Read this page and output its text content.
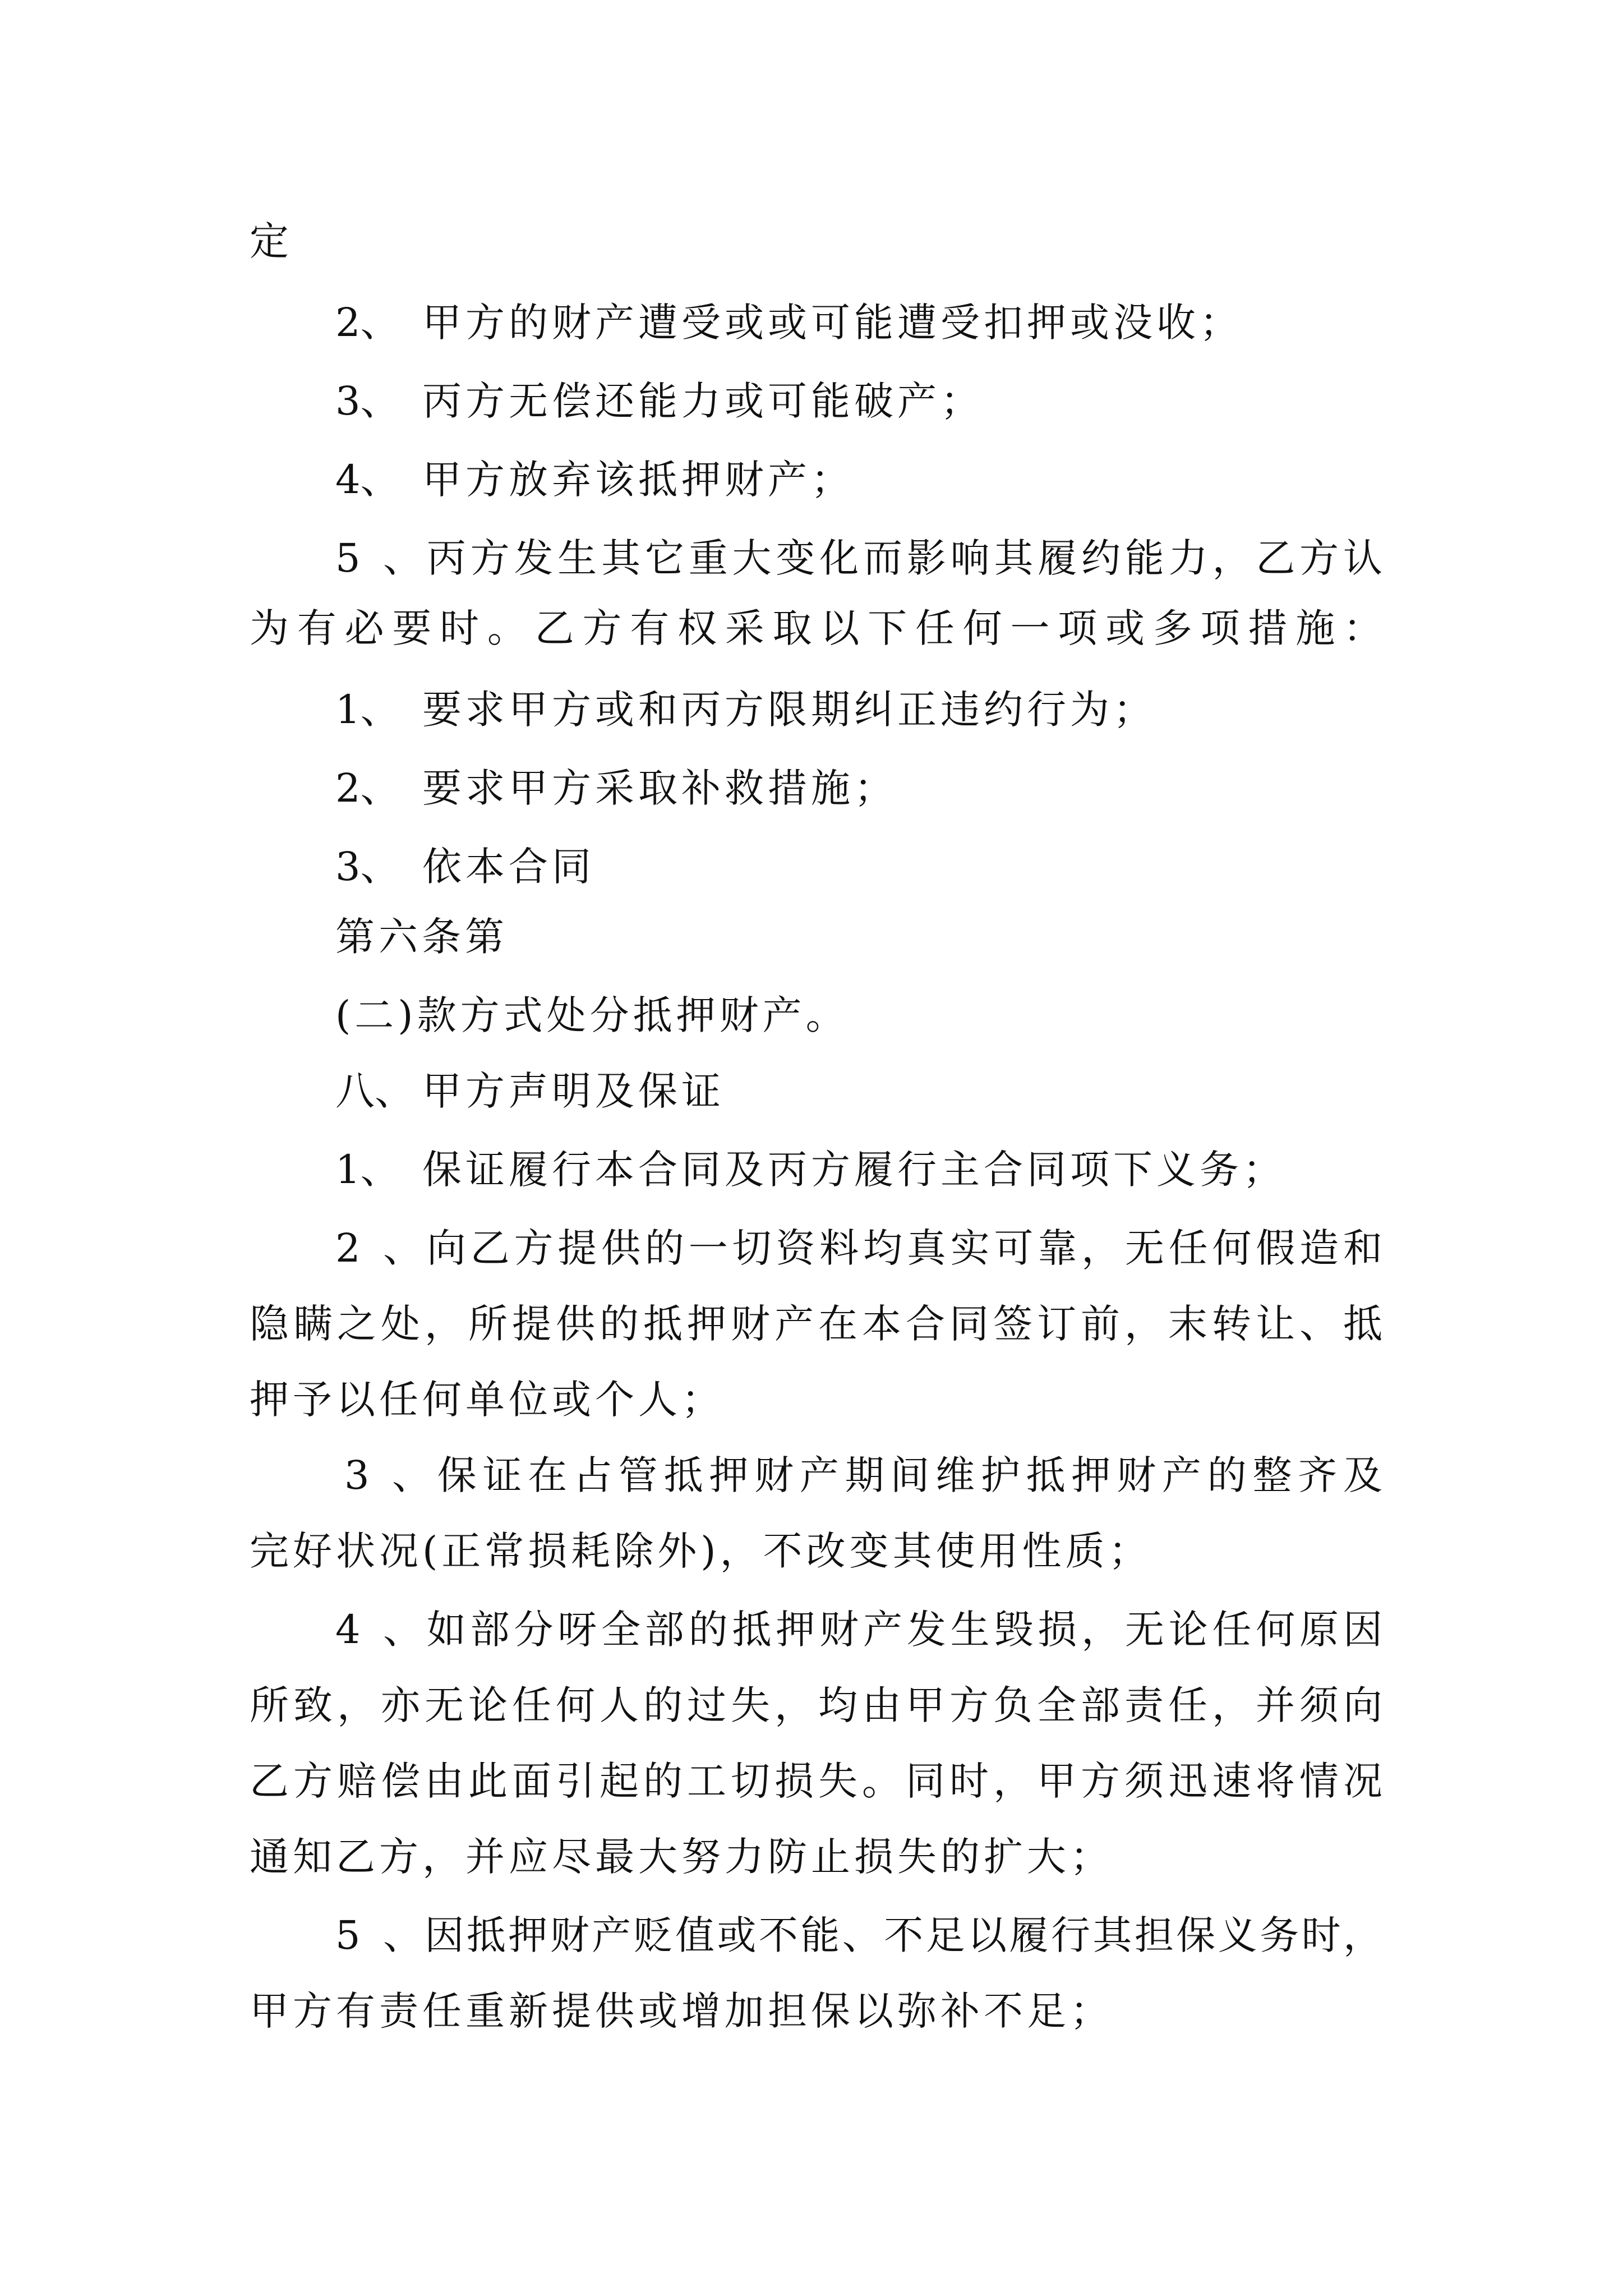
定
2、 甲方的财产遭受或或可能遭受扣押或没收；
3、 丙方无偿还能力或可能破产；
4、 甲方放弃该抵押财产；
5、丙方发生其它重大变化而影响其履约能力，乙方认
为有必要时。乙方有权采取以下任何一项或多项措施：
1、 要求甲方或和丙方限期纠正违约行为；
2、 要求甲方采取补救措施；
3、 依本合同
第六条第
(二)款方式处分抵押财产。
八、 甲方声明及保证
1、 保证履行本合同及丙方履行主合同项下义务；
2、向乙方提供的一切资料均真实可靠，无任何假造和
隐瞒之处，所提供的抵押财产在本合同签订前，末转让、抵
押予以任何单位或个人；
3、保证在占管抵押财产期间维护抵押财产的整齐及
完好状况(正常损耗除外)，不改变其使用性质；
4、如部分呀全部的抵押财产发生毁损，无论任何原因
所致，亦无论任何人的过失，均由甲方负全部责任，并须向
乙方赔偿由此面引起的工切损失。同时，甲方须迅速将情况
通知乙方，并应尽最大努力防止损失的扩大；
5、因抵押财产贬值或不能、不足以履行其担保义务时，
甲方有责任重新提供或增加担保以弥补不足；
